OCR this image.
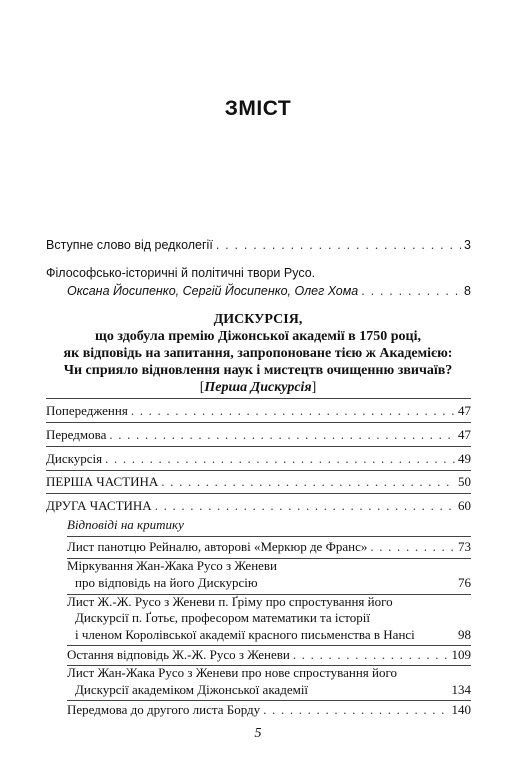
ЗМІСТ
Вступне слово від редколегії . . .	3
Філософсько-історичні й політичні твори Русо.
Оксана Йосипенко, Сергій Йосипенко, Олег Хома . . .	8
ДИСКУРСІЯ,
що здобула премію Діжонської академії в 1750 році,
як відповідь на запитання, запропоноване тією ж Академією:
Чи сприяло відновлення наук і мистецтв очищенню звичаїв?
[Перша Дискурсія]
Попередження . . .	47
Передмова . . .	47
Дискурсія . . .	49
ПЕРША ЧАСТИНА . . .	50
ДРУГА ЧАСТИНА . . .	60
Відповіді на критику
Лист панотцю Рейналю, авторові «Меркюр де Франс» . . .	73
Міркування Жан-Жака Русо з Женеви
про відповідь на його Дискурсію	76
Лист Ж.-Ж. Русо з Женеви п. Ґріму про спростування його
Дискурсії п. Ґотьє, професором математики та історії
і членом Королівської академії красного письменства в Нансі	98
Остання відповідь Ж.-Ж. Русо з Женеви . . .	109
Лист Жан-Жака Русо з Женеви про нове спростування його
Дискурсії академіком Діжонської академії	134
Передмова до другого листа Борду . . .	140
5
